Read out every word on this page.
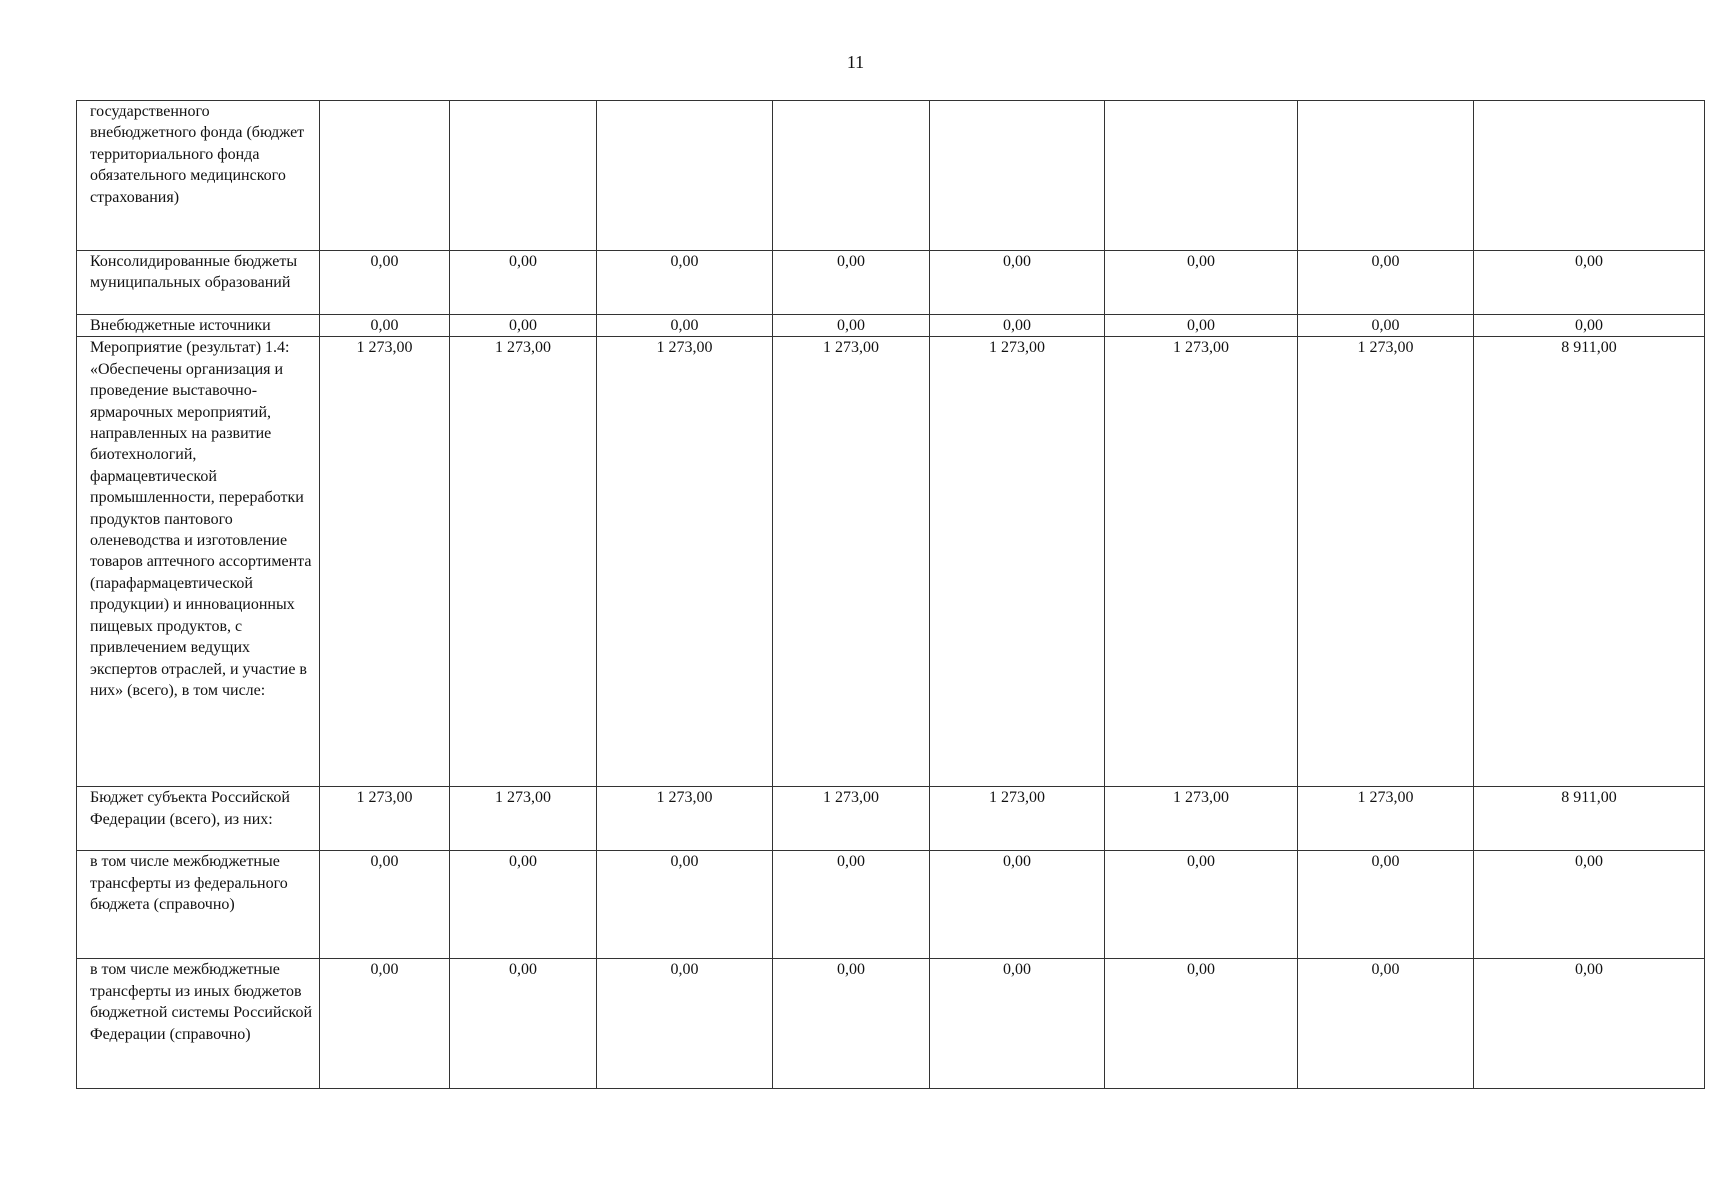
11
государственного внебюджетного фонда (бюджет территориального фонда обязательного медицинского страхования)								
Консолидированные бюджеты муниципальных образований	0,00	0,00	0,00	0,00	0,00	0,00	0,00	0,00
Внебюджетные источники	0,00	0,00	0,00	0,00	0,00	0,00	0,00	0,00
Мероприятие (результат) 1.4: «Обеспечены организация и проведение выставочно-ярмарочных мероприятий, направленных на развитие биотехнологий, фармацевтической промышленности, переработки продуктов пантового оленеводства и изготовление товаров аптечного ассортимента (парафармацевтической продукции) и инновационных пищевых продуктов, с привлечением ведущих экспертов отраслей, и участие в них» (всего), в том числе:	1 273,00	1 273,00	1 273,00	1 273,00	1 273,00	1 273,00	1 273,00	8 911,00
Бюджет субъекта Российской Федерации (всего), из них:	1 273,00	1 273,00	1 273,00	1 273,00	1 273,00	1 273,00	1 273,00	8 911,00
в том числе межбюджетные трансферты из федерального бюджета (справочно)	0,00	0,00	0,00	0,00	0,00	0,00	0,00	0,00
в том числе межбюджетные трансферты из иных бюджетов бюджетной системы Российской Федерации (справочно)	0,00	0,00	0,00	0,00	0,00	0,00	0,00	0,00
